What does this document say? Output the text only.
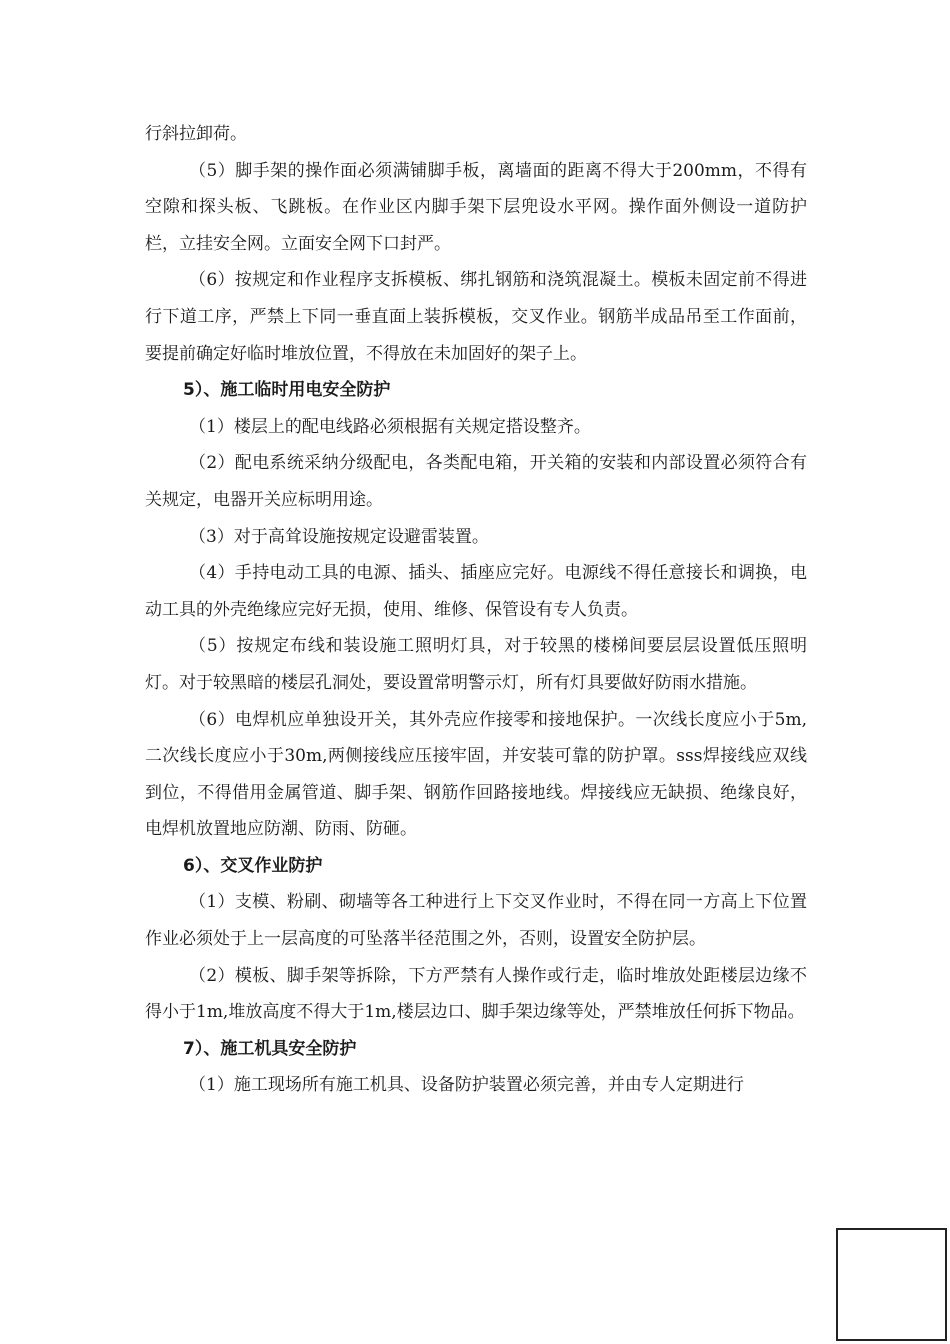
行斜拉卸荷。

（5）脚手架的操作面必须满铺脚手板，离墙面的距离不得大于200mm，不得有空隙和探头板、飞跳板。在作业区内脚手架下层兜设水平网。操作面外侧设一道防护栏，立挂安全网。立面安全网下口封严。

（6）按规定和作业程序支拆模板、绑扎钢筋和浇筑混凝土。模板未固定前不得进行下道工序，严禁上下同一垂直面上装拆模板，交叉作业。钢筋半成品吊至工作面前，要提前确定好临时堆放位置，不得放在未加固好的架子上。

5）、施工临时用电安全防护

（1）楼层上的配电线路必须根据有关规定搭设整齐。

（2）配电系统采纳分级配电，各类配电箱，开关箱的安装和内部设置必须符合有关规定，电器开关应标明用途。

（3）对于高耸设施按规定设避雷装置。

（4）手持电动工具的电源、插头、插座应完好。电源线不得任意接长和调换，电动工具的外壳绝缘应完好无损，使用、维修、保管设有专人负责。

（5）按规定布线和装设施工照明灯具，对于较黑的楼梯间要层层设置低压照明灯。对于较黑暗的楼层孔洞处，要设置常明警示灯，所有灯具要做好防雨水措施。

（6）电焊机应单独设开关，其外壳应作接零和接地保护。一次线长度应小于5m,二次线长度应小于30m,两侧接线应压接牢固，并安装可靠的防护罩。sss焊接线应双线到位，不得借用金属管道、脚手架、钢筋作回路接地线。焊接线应无缺损、绝缘良好，电焊机放置地应防潮、防雨、防砸。

6）、交叉作业防护

（1）支模、粉刷、砌墙等各工种进行上下交叉作业时，不得在同一方高上下位置作业必须处于上一层高度的可坠落半径范围之外，否则，设置安全防护层。

（2）模板、脚手架等拆除，下方严禁有人操作或行走，临时堆放处距楼层边缘不得小于1m,堆放高度不得大于1m,楼层边口、脚手架边缘等处，严禁堆放任何拆下物品。

7）、施工机具安全防护

（1）施工现场所有施工机具、设备防护装置必须完善，并由专人定期进行
